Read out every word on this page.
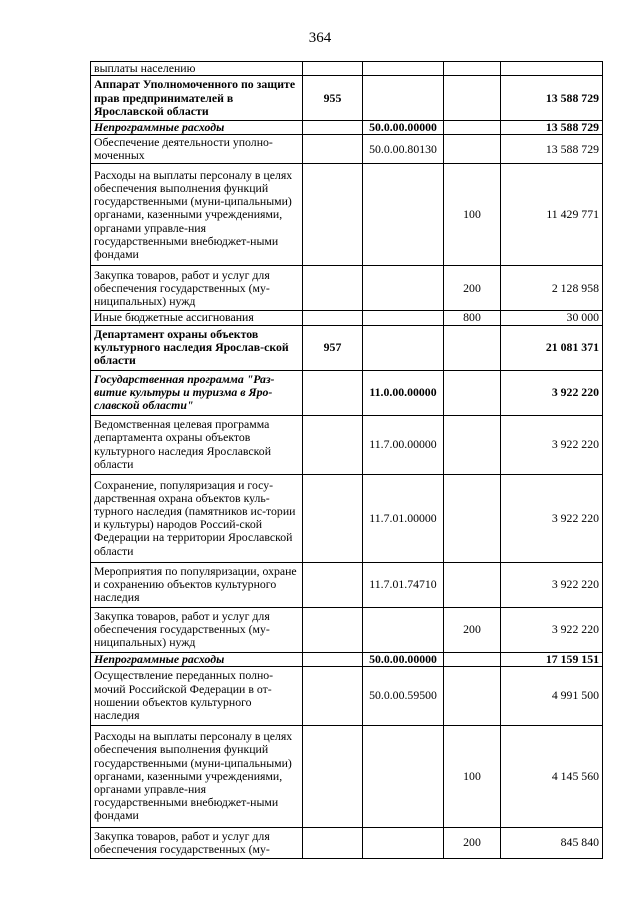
364
выплаты населению				
Аппарат Уполномоченного по защите прав предпринимателей в Ярославской области	955			13 588 729
Непрограммные расходы		50.0.00.00000		13 588 729
Обеспечение деятельности уполно-моченных		50.0.00.80130		13 588 729
Расходы на выплаты персоналу в целях обеспечения выполнения функций государственными (муни-ципальными) органами, казенными учреждениями, органами управле-ния государственными внебюджет-ными фондами			100	11 429 771
Закупка товаров, работ и услуг для обеспечения государственных (му-ниципальных) нужд			200	2 128 958
Иные бюджетные ассигнования			800	30 000
Департамент охраны объектов культурного наследия Ярослав-ской области	957			21 081 371
Государственная программа "Раз-витие культуры и туризма в Яро-славской области"		11.0.00.00000		3 922 220
Ведомственная целевая программа департамента охраны объектов культурного наследия Ярославской области		11.7.00.00000		3 922 220
Сохранение, популяризация и госу-дарственная охрана объектов куль-турного наследия (памятников ис-тории и культуры) народов Россий-ской Федерации на территории Ярославской области		11.7.01.00000		3 922 220
Мероприятия по популяризации, охране и сохранению объектов культурного наследия		11.7.01.74710		3 922 220
Закупка товаров, работ и услуг для обеспечения государственных (му-ниципальных) нужд			200	3 922 220
Непрограммные расходы		50.0.00.00000		17 159 151
Осуществление переданных полно-мочий Российской Федерации в от-ношении объектов культурного наследия		50.0.00.59500		4 991 500
Расходы на выплаты персоналу в целях обеспечения выполнения функций государственными (муни-ципальными) органами, казенными учреждениями, органами управле-ния государственными внебюджет-ными фондами			100	4 145 560
Закупка товаров, работ и услуг для обеспечения государственных (му-			200	845 840
